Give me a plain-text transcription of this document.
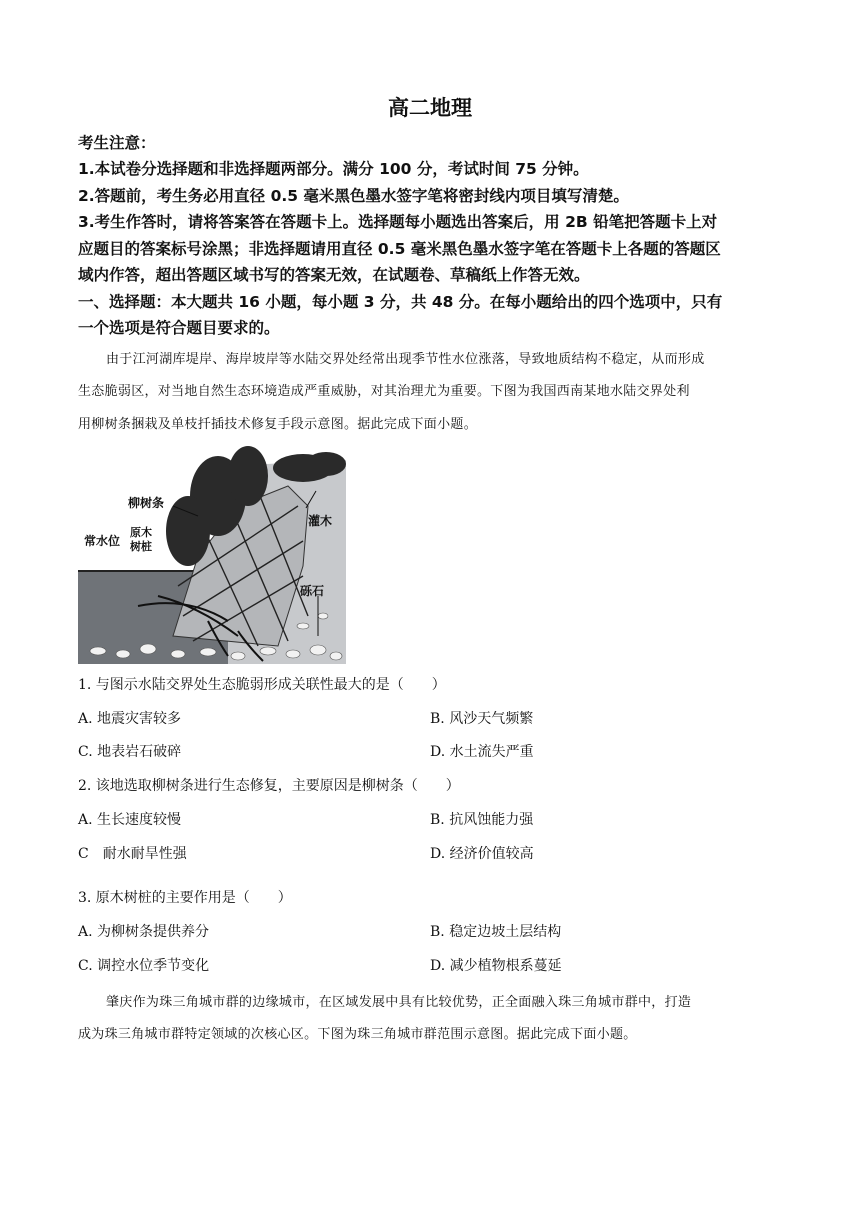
高二地理
考生注意：
1.本试卷分选择题和非选择题两部分。满分 100 分，考试时间 75 分钟。
2.答题前，考生务必用直径 0.5 毫米黑色墨水签字笔将密封线内项目填写清楚。
3.考生作答时，请将答案答在答题卡上。选择题每小题选出答案后，用 2B 铅笔把答题卡上对
应题目的答案标号涂黑；非选择题请用直径 0.5 毫米黑色墨水签字笔在答题卡上各题的答题区
域内作答，超出答题区域书写的答案无效，在试题卷、草稿纸上作答无效。
一、选择题：本大题共 16 小题，每小题 3 分，共 48 分。在每小题给出的四个选项中，只有
一个选项是符合题目要求的。
由于江河湖库堤岸、海岸坡岸等水陆交界处经常出现季节性水位涨落，导致地质结构不稳定，从而形成
生态脆弱区，对当地自然生态环境造成严重威胁，对其治理尤为重要。下图为我国西南某地水陆交界处利
用柳树条捆栽及单枝扦插技术修复手段示意图。据此完成下面小题。
柳树条
常水位
原木
树桩
灌木
砾石
1. 与图示水陆交界处生态脆弱形成关联性最大的是（　　）
A. 地震灾害较多	B. 风沙天气频繁
C. 地表岩石破碎	D. 水土流失严重
2. 该地选取柳树条进行生态修复，主要原因是柳树条（　　）
A. 生长速度较慢	B. 抗风蚀能力强
C　耐水耐旱性强	D. 经济价值较高
3. 原木树桩的主要作用是（　　）
A. 为柳树条提供养分	B. 稳定边坡土层结构
C. 调控水位季节变化	D. 减少植物根系蔓延
肇庆作为珠三角城市群的边缘城市，在区域发展中具有比较优势，正全面融入珠三角城市群中，打造
成为珠三角城市群特定领域的次核心区。下图为珠三角城市群范围示意图。据此完成下面小题。
